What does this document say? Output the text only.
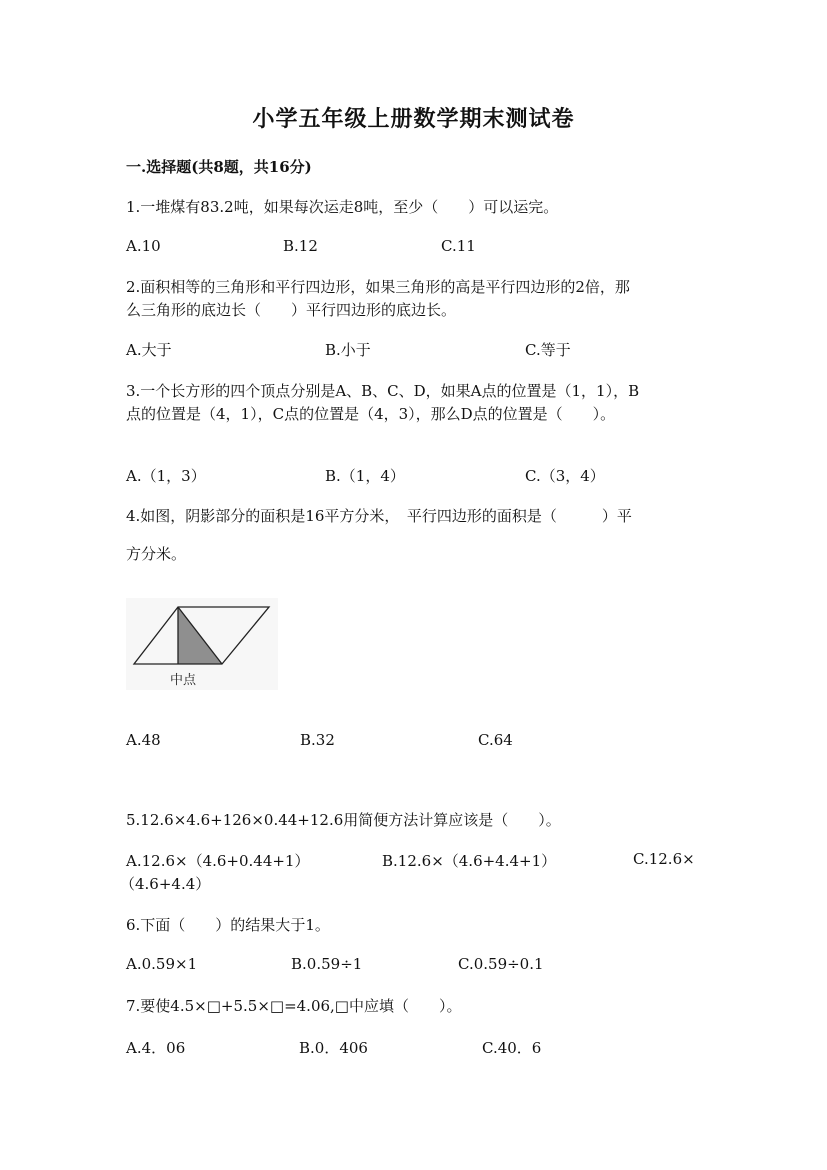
小学五年级上册数学期末测试卷
一.选择题(共8题，共16分)
1.一堆煤有83.2吨，如果每次运走8吨，至少（　　）可以运完。
A.10	B.12	C.11
2.面积相等的三角形和平行四边形，如果三角形的高是平行四边形的2倍，那
么三角形的底边长（　　）平行四边形的底边长。
A.大于	B.小于	C.等于
3.一个长方形的四个顶点分别是A、B、C、D，如果A点的位置是（1，1），B
点的位置是（4，1），C点的位置是（4，3），那么D点的位置是（　　）。
A.（1，3）	B.（1，4）	C.（3，4）
4.如图，阴影部分的面积是16平方分米，　平行四边形的面积是（　　　）平
方分米。
中点
A.48	B.32	C.64
5.12.6×4.6+126×0.44+12.6用简便方法计算应该是（　　）。
A.12.6×（4.6+0.44+1）	B.12.6×（4.6+4.4+1）	C.12.6×
（4.6+4.4）
6.下面（　　）的结果大于1。
A.0.59×1	B.0.59÷1	C.0.59÷0.1
7.要使4.5×□+5.5×□=4.06,□中应填（　　）。
A.4．06	B.0．406	C.40．6
